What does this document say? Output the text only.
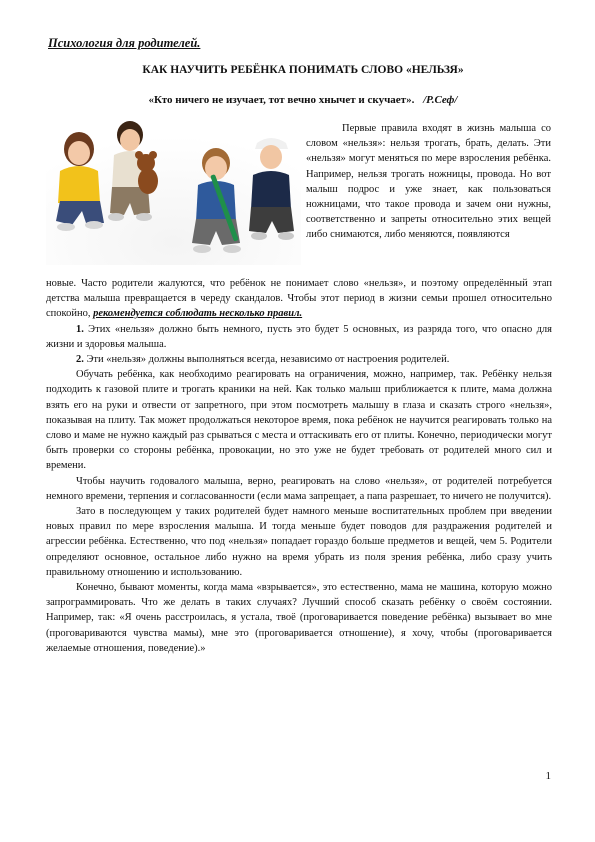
Психология для родителей.
КАК НАУЧИТЬ РЕБЁНКА ПОНИМАТЬ СЛОВО «НЕЛЬЗЯ»
«Кто ничего не изучает, тот вечно хнычет и скучает». /Р.Сеф/

Первые правила входят в жизнь малыша со словом «нельзя»: нельзя трогать, брать, делать. Эти «нельзя» могут меняться по мере взросления ребёнка. Например, нельзя трогать ножницы, провода. Но вот малыш подрос и уже знает, как пользоваться ножницами, что такое провода и зачем они нужны, соответственно и запреты относительно этих вещей либо снимаются, либо меняются, появляются

новые. Часто родители жалуются, что ребёнок не понимает слово «нельзя», и поэтому определённый этап детства малыша превращается в череду скандалов. Чтобы этот период в жизни семьи прошел относительно спокойно, рекомендуется соблюдать несколько правил.

1. Этих «нельзя» должно быть немного, пусть это будет 5 основных, из разряда того, что опасно для жизни и здоровья малыша.

2. Эти «нельзя» должны выполняться всегда, независимо от настроения родителей.

Обучать ребёнка, как необходимо реагировать на ограничения, можно, например, так. Ребёнку нельзя подходить к газовой плите и трогать краники на ней. Как только малыш приближается к плите, мама должна взять его на руки и отвести от запретного, при этом посмотреть малышу в глаза и сказать строго «нельзя», показывая на плиту. Так может продолжаться некоторое время, пока ребёнок не научится реагировать только на слово и маме не нужно каждый раз срываться с места и оттаскивать его от плиты. Конечно, периодически могут быть проверки со стороны ребёнка, провокации, но это уже не будет требовать от родителей много сил и времени.

Чтобы научить годовалого малыша, верно, реагировать на слово «нельзя», от родителей потребуется немного времени, терпения и согласованности (если мама запрещает, а папа разрешает, то ничего не получится).

Зато в последующем у таких родителей будет намного меньше воспитательных проблем при введении новых правил по мере взросления малыша. И тогда меньше будет поводов для раздражения родителей и агрессии ребёнка. Естественно, что под «нельзя» попадает гораздо больше предметов и вещей, чем 5. Родители определяют основное, остальное либо нужно на время убрать из поля зрения ребёнка, либо сразу учить правильному отношению и использованию.

Конечно, бывают моменты, когда мама «взрывается», это естественно, мама не машина, которую можно запрограммировать. Что же делать в таких случаях? Лучший способ сказать ребёнку о своём состоянии. Например, так: «Я очень расстроилась, я устала, твоё (проговаривается поведение ребёнка) вызывает во мне (проговариваются чувства мамы), мне это (проговаривается отношение), я хочу, чтобы (проговаривается желаемые отношения, поведение).»

1
